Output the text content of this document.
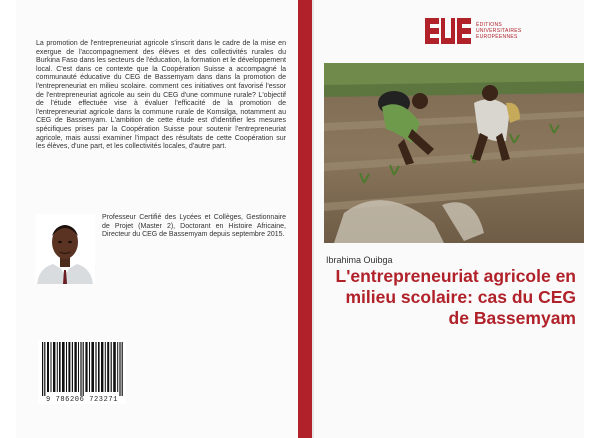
La promotion de l'entrepreneuriat agricole s'inscrit dans le cadre de la mise en exergue de l'accompagnement des élèves et des collectivités rurales du Burkina Faso dans les secteurs de l'éducation, la formation et le développement local. C'est dans ce contexte que la Coopération Suisse a accompagné la communauté éducative du CEG de Bassemyam dans dans la promotion de l'entrepreneuriat en milieu scolaire. comment ces initiatives ont favorisé l'essor de l'entrepreneuriat agricole au sein du CEG d'une commune rurale? L'objectif de l'étude effectuée vise à évaluer l'efficacité de la promotion de l'entrepreneuriat agricole dans la commune rurale de Komsilga, notamment au CEG de Bassemyam. L'ambition de cette étude est d'identifier les mesures spécifiques prises par la Coopération Suisse pour soutenir l'entrepreneuriat agricole, mais aussi examiner l'impact des résultats de cette Coopération sur les élèves, d'une part, et les collectivités locales, d'autre part.

Professeur Certifié des Lycées et Collèges, Gestionnaire de Projet (Master 2), Doctorant en Histoire Africaine, Directeur du CEG de Bassemyam depuis septembre 2015.

9 786206 723271
ÉDITIONS
UNIVERSITAIRES
EUROPÉENNES

Ibrahima Ouibga

L'entrepreneuriat agricole en milieu scolaire: cas du CEG de Bassemyam
